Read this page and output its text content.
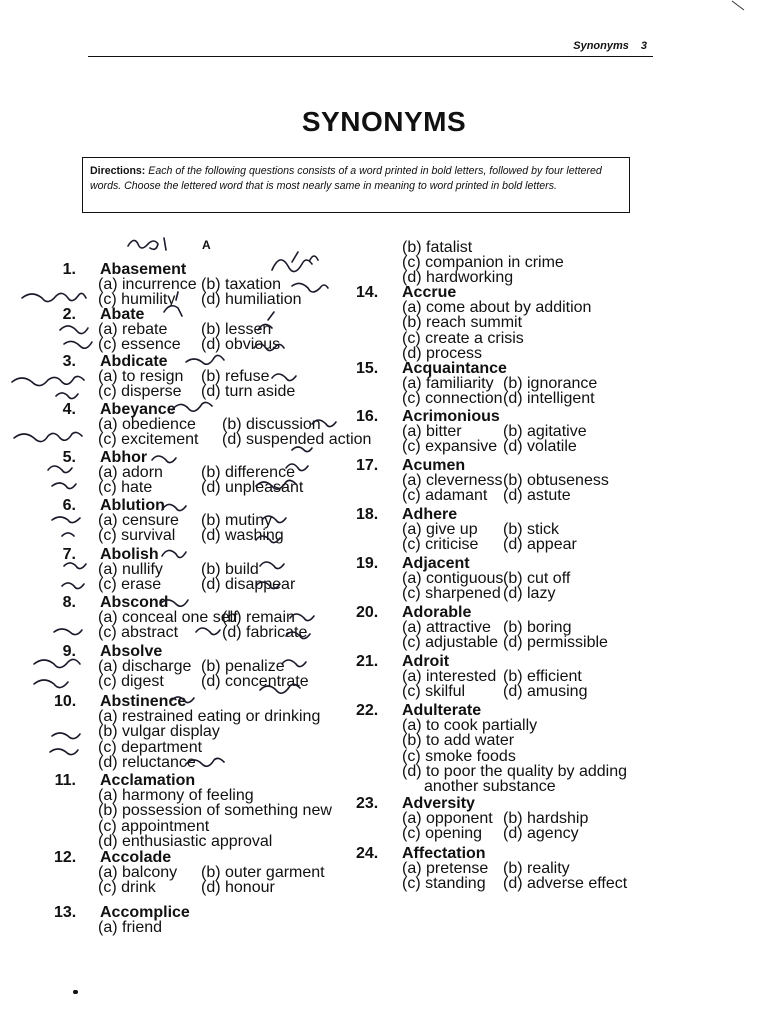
Synonyms 3
SYNONYMS
Directions: Each of the following questions consists of a word printed in bold letters, followed by four lettered words. Choose the lettered word that is most nearly same in meaning to word printed in bold letters.
A
1. Abasement
(a) incurrence (b) taxation
(c) humility (d) humiliation
2. Abate
(a) rebate (b) lessen
(c) essence (d) obvious
3. Abdicate
(a) to resign (b) refuse
(c) disperse (d) turn aside
4. Abeyance
(a) obedience (b) discussion
(c) excitement (d) suspended action
5. Abhor
(a) adorn (b) difference
(c) hate	(d) unpleasant
6. Ablution
(a) censure (b) mutiny
(c) survival (d) washing
7. Abolish
(a) nullify (b) build
(c) erase (d) disappear
8. Abscond
(a) conceal one self
(b) remain
(c) abstract	(d) fabricate
9. Absolve
(a) discharge (b) penalize
(c) digest (d) concentrate
10. Abstinence
(a) restrained eating or drinking
(b) vulgar display
(c) department
(d) reluctance
11. Acclamation
(a) harmony of feeling
(b) possession of something new
(c) appointment
(d) enthusiastic approval
12. Accolade
(a) balcony (b) outer garment
(c) drink	(d) honour
13. Accomplice
(a) friend
(b) fatalist
(c) companion in crime
(d) hardworking
14. Accrue
(a) come about by addition
(b) reach summit
(c) create a crisis
(d) process
15. Acquaintance
(a) familiarity (b) ignorance
(c) connection (d) intelligent
16. Acrimonious
(a) bitter	(b) agitative
(c) expansive (d) volatile
17. Acumen
(a) cleverness (b) obtuseness
(c) adamant (d) astute
18. Adhere
(a) give up (b) stick
(c) criticise (d) appear
19. Adjacent
(a) contiguous (b) cut off
(c) sharpened (d) lazy
20. Adorable
(a) attractive (b) boring
(c) adjustable (d) permissible
21. Adroit
(a) interested (b) efficient
(c) skilful (d) amusing
22. Adulterate
(a) to cook partially
(b) to add water
(c) smoke foods
(d) to poor the quality by adding
another substance
23. Adversity
(a) opponent (b) hardship
(c) opening (d) agency
24. Affectation
(a) pretense (b) reality
(c) standing (d) adverse effect
